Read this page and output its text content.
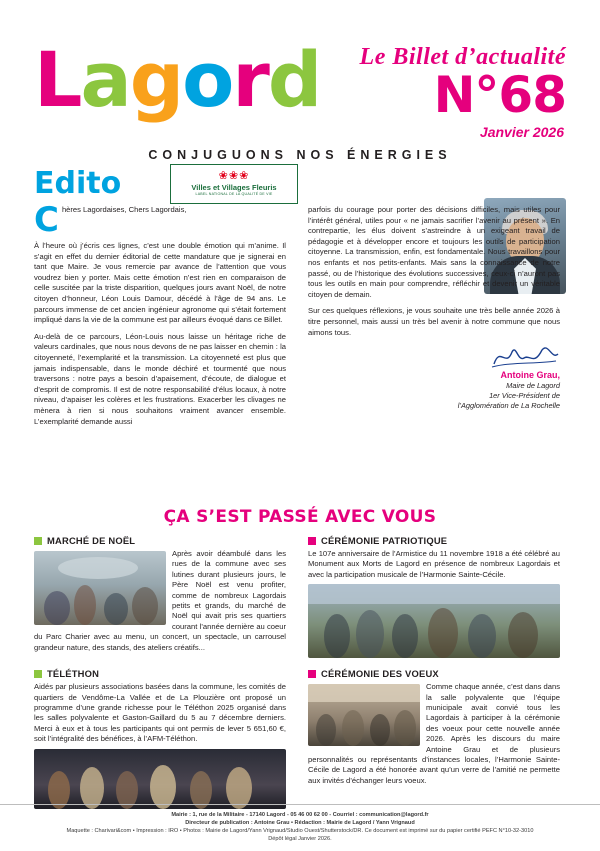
Lagord Le Billet d’actualité
N°68
Janvier 2026
CONJUGUONS NOS ÉNERGIES
Edito	❀❀❀
Villes et Villages Fleuris
LABEL NATIONAL DE LA QUALITÉ DE VIE

Chères Lagordaises, Chers Lagordais,

À l’heure où j’écris ces lignes, c’est une double émotion qui m’anime. Il s’agit en effet du dernier éditorial de cette mandature que je signerai en tant que Maire. Je vous remercie par avance de l’attention que vous voudrez bien y porter. Mais cette émotion n’est rien en comparaison de celle suscitée par la triste disparition, quelques jours avant Noël, de notre citoyen d’honneur, Léon Louis Damour, décédé à l’âge de 94 ans. Le parcours immense de cet ancien ingénieur agronome qui s’était fortement impliqué dans la vie de la commune est par ailleurs évoqué dans ce Billet.

Au-delà de ce parcours, Léon-Louis nous laisse un héritage riche de valeurs cardinales, que nous nous devons de ne pas laisser en chemin : la citoyenneté, l’exemplarité et la transmission. La citoyenneté est plus que jamais indispensable, dans le monde déchiré et tourmenté que nous traversons : notre pays a besoin d’apaisement, d’écoute, de dialogue et d’esprit de compromis. Il est de notre responsabilité d’élus locaux, à notre niveau, d’apaiser les colères et les frustrations. Exacerber les clivages ne mènera à rien si nous souhaitons vraiment avancer ensemble. L’exemplarité demande aussi

parfois du courage pour porter des décisions difficiles, mais utiles pour l’intérêt général, utiles pour « ne jamais sacrifier l’avenir au présent ». En contrepartie, les élus doivent s’astreindre à un exigeant travail de pédagogie et à développer encore et toujours les outils de participation citoyenne. La transmission, enfin, est fondamentale. Nous travaillons pour nos enfants et nos petits-enfants. Mais sans la connaissance de notre passé, ou de l’historique des évolutions successives, ceux-ci n’auront pas tous les outils en main pour comprendre, réfléchir et devenir un véritable citoyen de demain.

Sur ces quelques réflexions, je vous souhaite une très belle année 2026 à titre personnel, mais aussi un très bel avenir à notre commune que nous aimons tous.

Antoine Grau,
Maire de Lagord
1er Vice-Président de
l’Agglomération de La Rochelle
ÇA S’EST PASSÉ AVEC VOUS
MARCHÉ DE NOËL

Après avoir déambulé dans les rues de la commune avec ses lutines durant plusieurs jours, le Père Noël est venu profiter, comme de nombreux Lagordais petits et grands, du marché de Noël qui avait pris ses quartiers courant l’année dernière au coeur du Parc Charier avec au menu, un concert, un spectacle, un carrousel grandeur nature, des stands, des ateliers créatifs...

CÉRÉMONIE PATRIOTIQUE

Le 107e anniversaire de l’Armistice du 11 novembre 1918 a été célébré au Monument aux Morts de Lagord en présence de nombreux Lagordais et avec la participation musicale de l’Harmonie Sainte-Cécile.

TÉLÉTHON

Aidés par plusieurs associations basées dans la commune, les comités de quartiers de Vendôme-La Vallée et de La Plouzière ont proposé un programme d’une grande richesse pour le Téléthon 2025 organisé dans les salles polyvalente et Gaston-Gaillard du 5 au 7 décembre derniers. Merci à eux et à tous les participants qui ont permis de lever 5 651,60 €, soit l’intégralité des bénéfices, à l’AFM-Téléthon.

CÉRÉMONIE DES VOEUX

Comme chaque année, c’est dans dans la salle polyvalente que l’équipe municipale avait convié tous les Lagordais à participer à la cérémonie des voeux pour cette nouvelle année 2026. Après les discours du maire Antoine Grau et de plusieurs personnalités ou représentants d’instances locales, l’Harmonie Sainte-Cécile de Lagord a été honorée avant qu’un verre de l’amitié ne permette aux invités d’échanger leurs voeux.

Mairie : 1, rue de la Militaire - 17140 Lagord - 05 46 00 62 00 - Courriel : communication@lagord.fr
Directeur de publication : Antoine Grau • Rédaction : Mairie de Lagord / Yann Vrignaud
Maquette : Charivari&com • Impression : IRO • Photos : Mairie de Lagord/Yann Vrignaud/Studio Ouest/Shutterstock/DR. Ce document est imprimé sur du papier certifié PEFC N°10-32-3010
Dépôt légal Janvier 2026.
